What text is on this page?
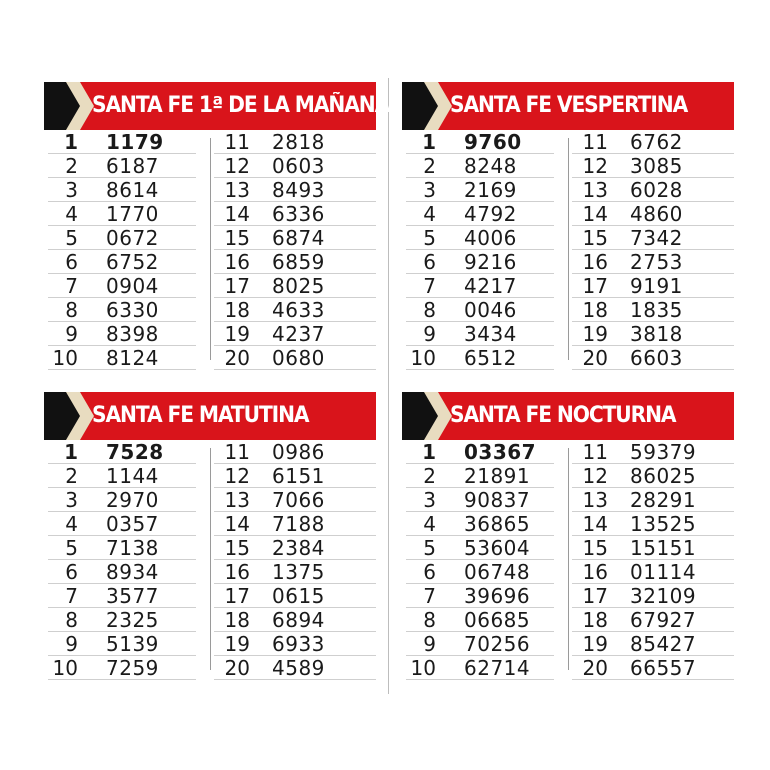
SANTA FE 1ª DE LA MAÑANA
1 1179
2 6187
3 8614
4 1770
5 0672
6 6752
7 0904
8 6330
9 8398
10 8124
11 2818
12 0603
13 8493
14 6336
15 6874
16 6859
17 8025
18 4633
19 4237
20 0680
SANTA FE VESPERTINA
1 9760
2 8248
3 2169
4 4792
5 4006
6 9216
7 4217
8 0046
9 3434
10 6512
11 6762
12 3085
13 6028
14 4860
15 7342
16 2753
17 9191
18 1835
19 3818
20 6603
SANTA FE MATUTINA
1 7528
2 1144
3 2970
4 0357
5 7138
6 8934
7 3577
8 2325
9 5139
10 7259
11 0986
12 6151
13 7066
14 7188
15 2384
16 1375
17 0615
18 6894
19 6933
20 4589
SANTA FE NOCTURNA
1 03367
2 21891
3 90837
4 36865
5 53604
6 06748
7 39696
8 06685
9 70256
10 62714
11 59379
12 86025
13 28291
14 13525
15 15151
16 01114
17 32109
18 67927
19 85427
20 66557
